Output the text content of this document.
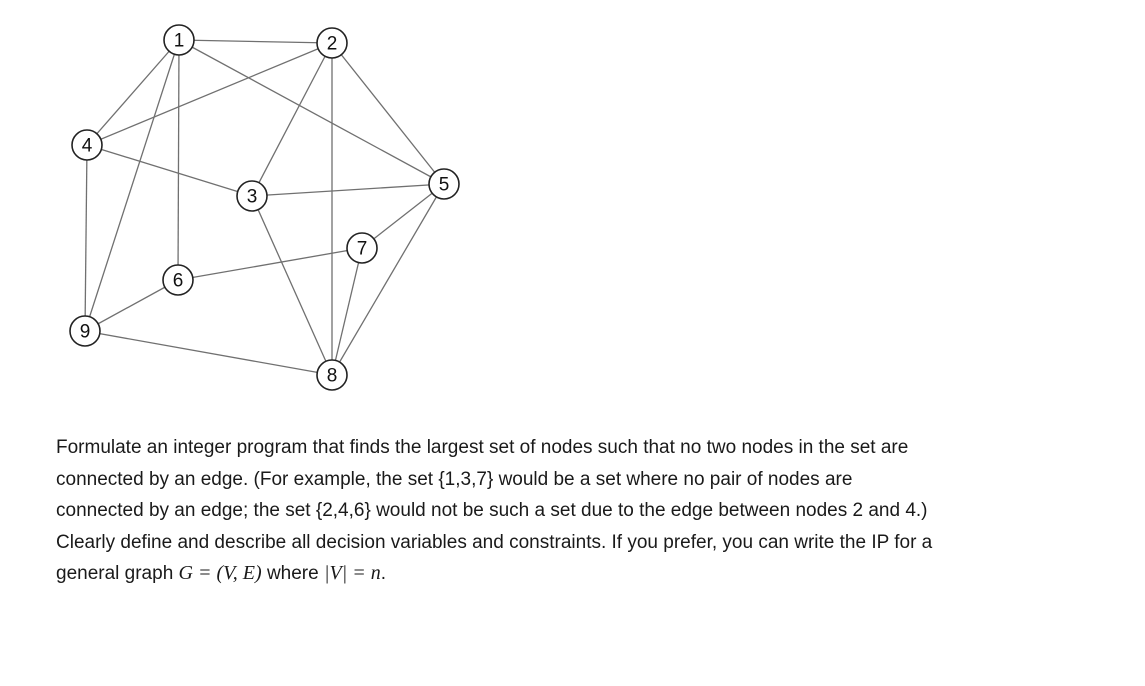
1	2
3
4
5
6
7
8
9
Formulate an integer program that finds the largest set of nodes such that no two nodes in the set are
connected by an edge. (For example, the set {1,3,7} would be a set where no pair of nodes are
connected by an edge; the set {2,4,6} would not be such a set due to the edge between nodes 2 and 4.)
Clearly define and describe all decision variables and constraints. If you prefer, you can write the IP for a
general graph G = (V, E) where |V| = n.
